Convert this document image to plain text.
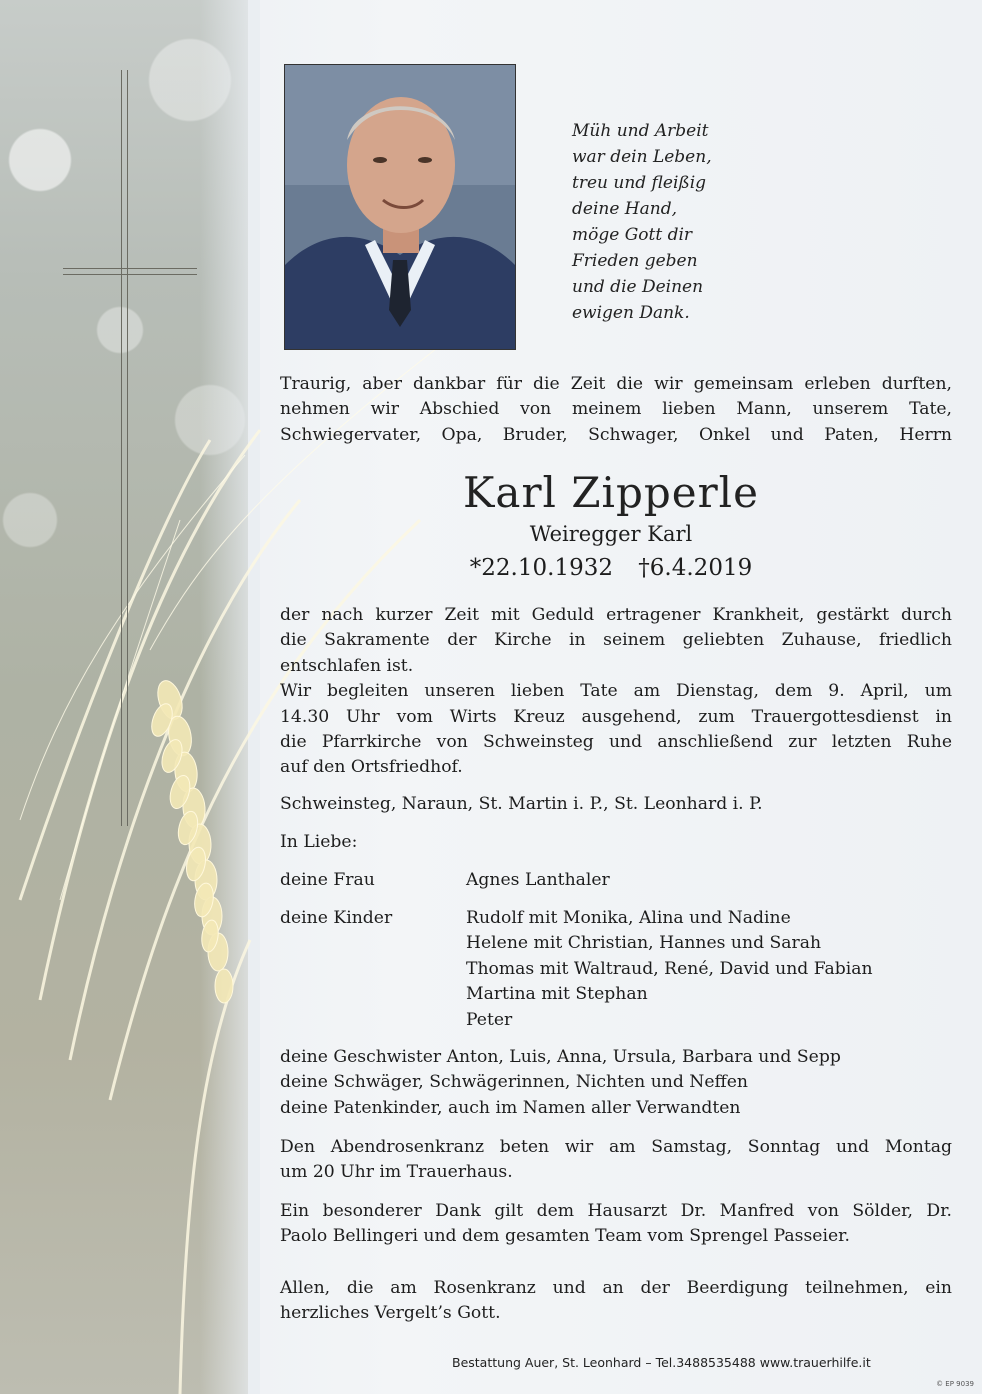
Müh und Arbeit
war dein Leben,
treu und fleißig
deine Hand,
möge Gott dir
Frieden geben
und die Deinen
ewigen Dank.
Traurig, aber dankbar für die Zeit die wir gemeinsam erleben durften,
nehmen wir Abschied von meinem lieben Mann, unserem Tate,
Schwiegervater, Opa, Bruder, Schwager, Onkel und Paten, Herrn
Karl Zipperle
Weiregger Karl
*22.10.1932 †6.4.2019
der nach kurzer Zeit mit Geduld ertragener Krankheit, gestärkt durch
die Sakramente der Kirche in seinem geliebten Zuhause, friedlich
entschlafen ist.
Wir begleiten unseren lieben Tate am Dienstag, dem 9. April, um
14.30 Uhr vom Wirts Kreuz ausgehend, zum Trauergottesdienst in
die Pfarrkirche von Schweinsteg und anschließend zur letzten Ruhe
auf den Ortsfriedhof.
Schweinsteg, Naraun, St. Martin i. P., St. Leonhard i. P.
In Liebe:
deine Frau	Agnes Lanthaler
deine Kinder	Rudolf mit Monika, Alina und Nadine
Helene mit Christian, Hannes und Sarah
Thomas mit Waltraud, René, David und Fabian
Martina mit Stephan
Peter
deine Geschwister Anton, Luis, Anna, Ursula, Barbara und Sepp
deine Schwäger, Schwägerinnen, Nichten und Neffen
deine Patenkinder, auch im Namen aller Verwandten
Den Abendrosenkranz beten wir am Samstag, Sonntag und Montag
um 20 Uhr im Trauerhaus.
Ein besonderer Dank gilt dem Hausarzt Dr. Manfred von Sölder, Dr.
Paolo Bellingeri und dem gesamten Team vom Sprengel Passeier.
Allen, die am Rosenkranz und an der Beerdigung teilnehmen, ein
herzliches Vergelt’s Gott.
Bestattung Auer, St. Leonhard – Tel.3488535488 www.trauerhilfe.it
© EP 9039
